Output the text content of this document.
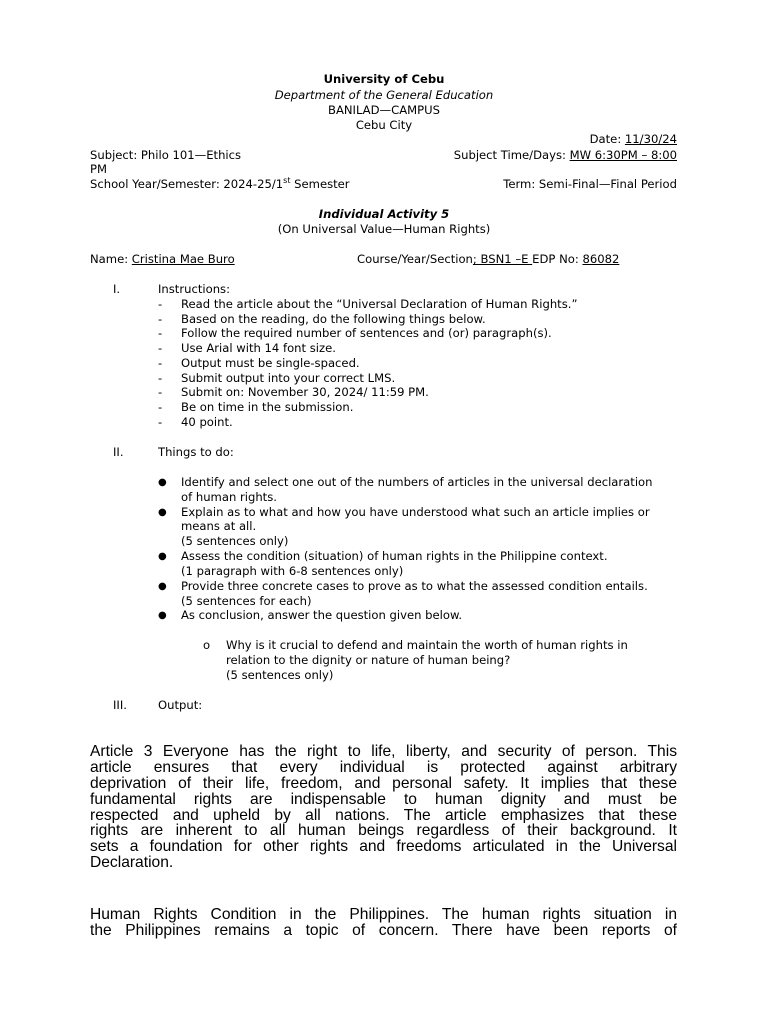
University of Cebu
Department of the General Education
BANILAD—CAMPUS
Cebu City
Date: 11/30/24
Subject: Philo 101—Ethics	Subject Time/Days: MW 6:30PM – 8:00
PM
School Year/Semester: 2024-25/1st Semester	Term: Semi-Final—Final Period
Individual Activity 5
(On Universal Value—Human Rights)
Name: Cristina Mae Buro	Course/Year/Section; BSN1 –E EDP No: 86082
I.	Instructions:
- Read the article about the “Universal Declaration of Human Rights.”
- Based on the reading, do the following things below.
- Follow the required number of sentences and (or) paragraph(s).
- Use Arial with 14 font size.
- Output must be single-spaced.
- Submit output into your correct LMS.
- Submit on: November 30, 2024/ 11:59 PM.
- Be on time in the submission.
- 40 point.
II.	Things to do:
● Identify and select one out of the numbers of articles in the universal declaration
of human rights.
● Explain as to what and how you have understood what such an article implies or
means at all.
(5 sentences only)
● Assess the condition (situation) of human rights in the Philippine context.
(1 paragraph with 6-8 sentences only)
● Provide three concrete cases to prove as to what the assessed condition entails.
(5 sentences for each)
● As conclusion, answer the question given below.
o Why is it crucial to defend and maintain the worth of human rights in
relation to the dignity or nature of human being?
(5 sentences only)
III.	Output:
Article 3 Everyone has the right to life, liberty, and security of person. This
article ensures that every individual is protected against arbitrary
deprivation of their life, freedom, and personal safety. It implies that these
fundamental rights are indispensable to human dignity and must be
respected and upheld by all nations. The article emphasizes that these
rights are inherent to all human beings regardless of their background. It
sets a foundation for other rights and freedoms articulated in the Universal
Declaration.
Human Rights Condition in the Philippines. The human rights situation in
the Philippines remains a topic of concern. There have been reports of
